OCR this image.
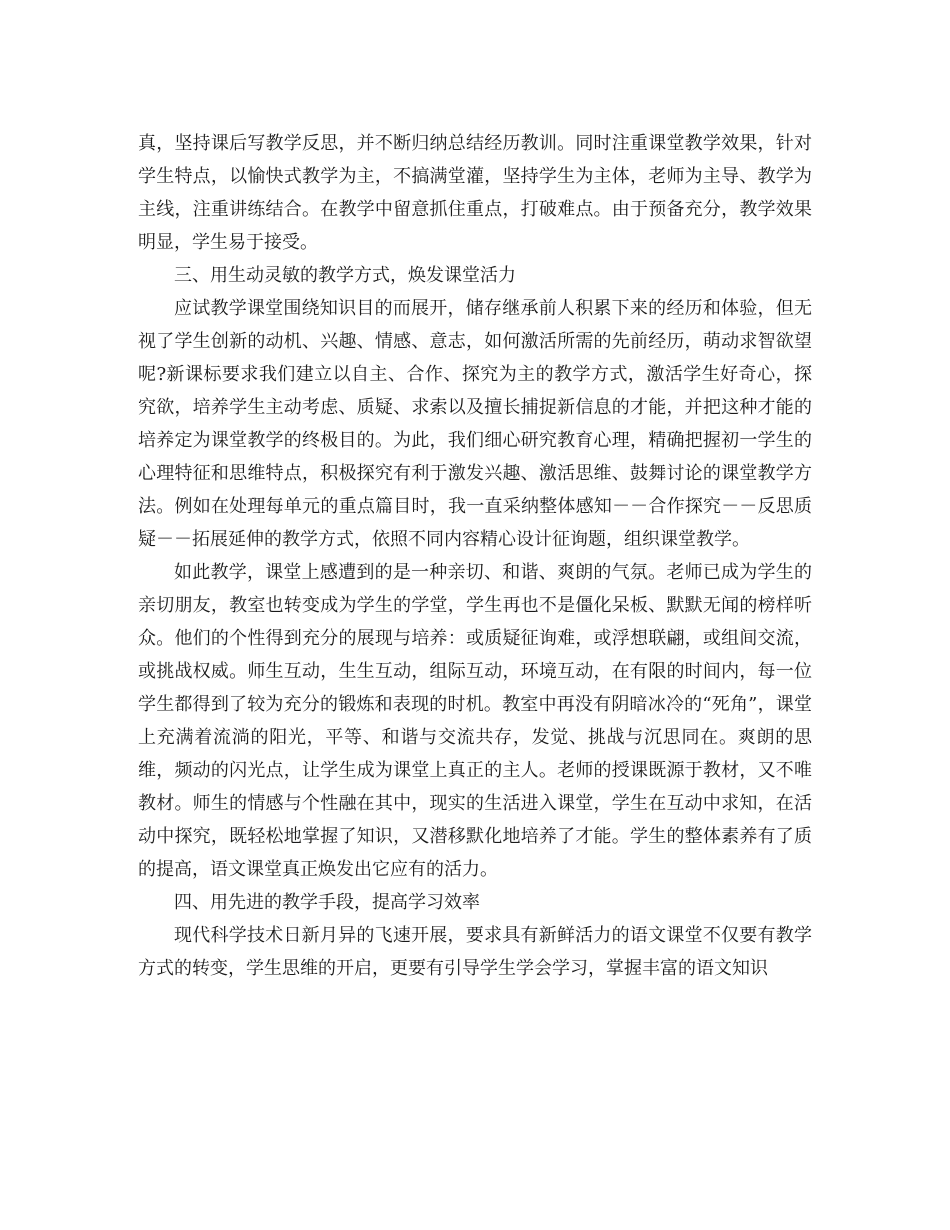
真，坚持课后写教学反思，并不断归纳总结经历教训。同时注重课堂教学效果，针对学生特点，以愉快式教学为主，不搞满堂灌，坚持学生为主体，老师为主导、教学为主线，注重讲练结合。在教学中留意抓住重点，打破难点。由于预备充分，教学效果明显，学生易于接受。

三、用生动灵敏的教学方式，焕发课堂活力

应试教学课堂围绕知识目的而展开，储存继承前人积累下来的经历和体验，但无视了学生创新的动机、兴趣、情感、意志，如何激活所需的先前经历，萌动求智欲望呢?新课标要求我们建立以自主、合作、探究为主的教学方式，激活学生好奇心，探究欲，培养学生主动考虑、质疑、求索以及擅长捕捉新信息的才能，并把这种才能的培养定为课堂教学的终极目的。为此，我们细心研究教育心理，精确把握初一学生的心理特征和思维特点，积极探究有利于激发兴趣、激活思维、鼓舞讨论的课堂教学方法。例如在处理每单元的重点篇目时，我一直采纳整体感知－－合作探究－－反思质疑－－拓展延伸的教学方式，依照不同内容精心设计征询题，组织课堂教学。

如此教学，课堂上感遭到的是一种亲切、和谐、爽朗的气氛。老师已成为学生的亲切朋友，教室也转变成为学生的学堂，学生再也不是僵化呆板、默默无闻的榜样听众。他们的个性得到充分的展现与培养：或质疑征询难，或浮想联翩，或组间交流，或挑战权威。师生互动，生生互动，组际互动，环境互动，在有限的时间内，每一位学生都得到了较为充分的锻炼和表现的时机。教室中再没有阴暗冰冷的“死角”，课堂上充满着流淌的阳光，平等、和谐与交流共存，发觉、挑战与沉思同在。爽朗的思维，频动的闪光点，让学生成为课堂上真正的主人。老师的授课既源于教材，又不唯教材。师生的情感与个性融在其中，现实的生活进入课堂，学生在互动中求知，在活动中探究，既轻松地掌握了知识，又潜移默化地培养了才能。学生的整体素养有了质的提高，语文课堂真正焕发出它应有的活力。

四、用先进的教学手段，提高学习效率

现代科学技术日新月异的飞速开展，要求具有新鲜活力的语文课堂不仅要有教学方式的转变，学生思维的开启，更要有引导学生学会学习，掌握丰富的语文知识
